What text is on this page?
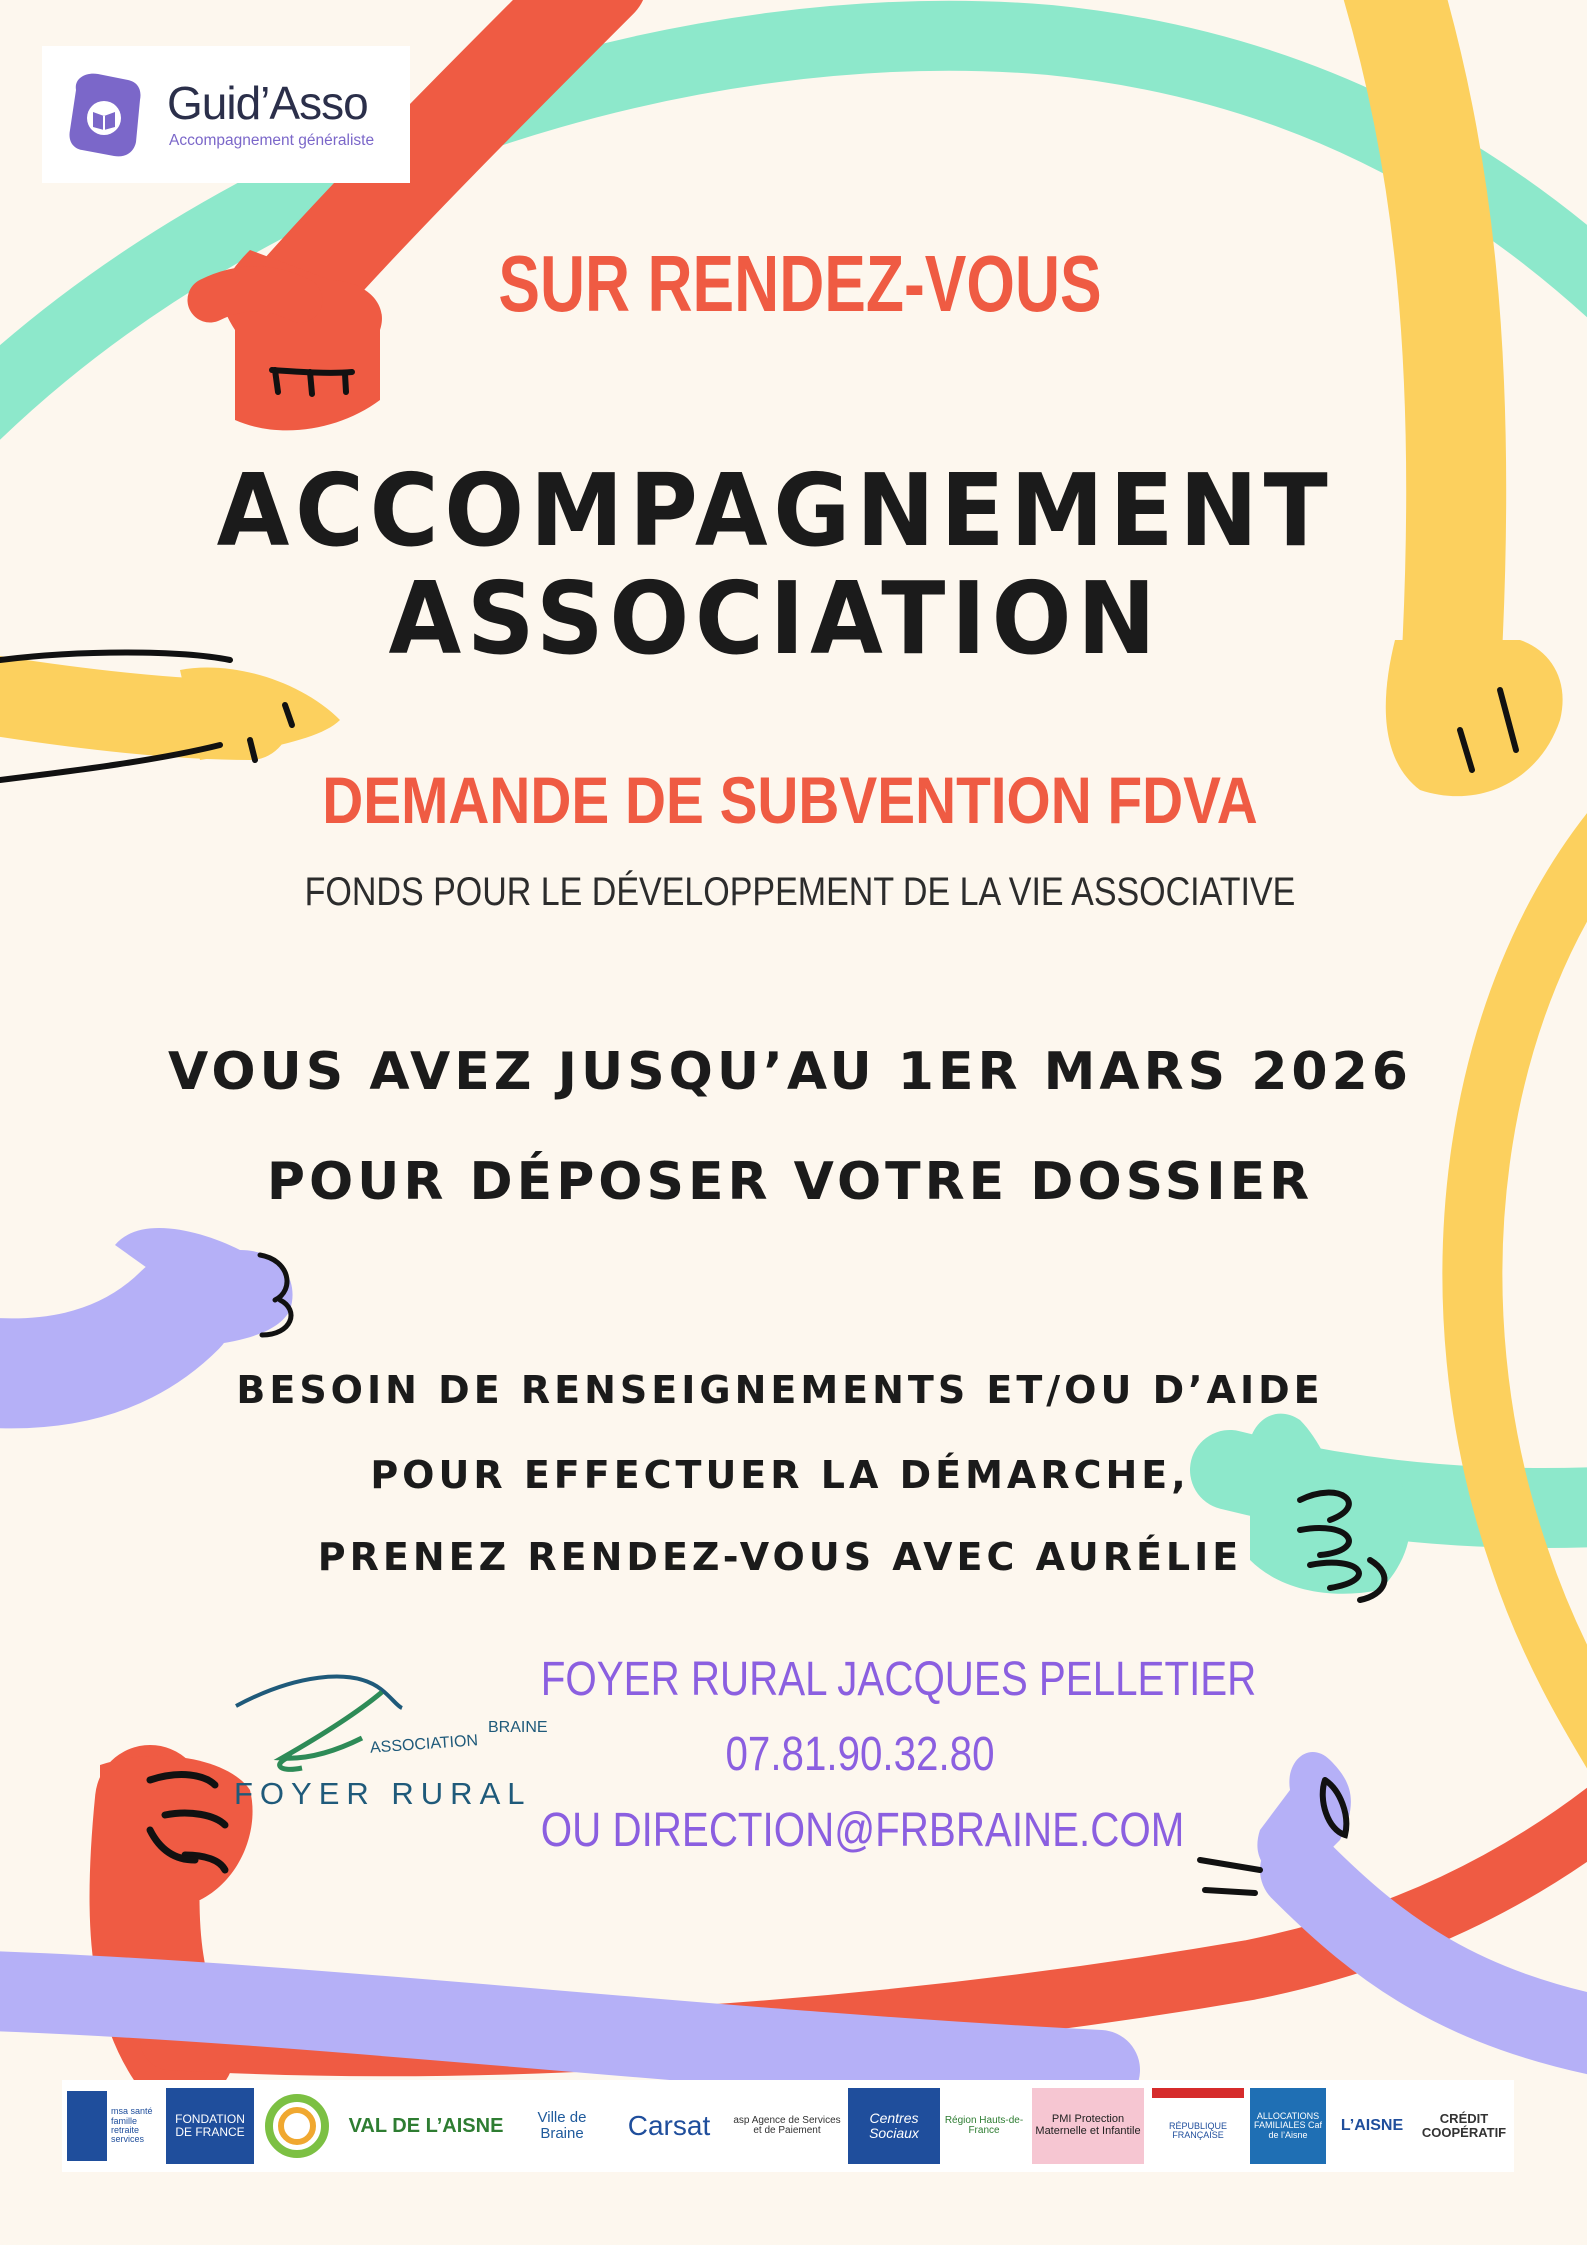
Guid’Asso
Accompagnement généraliste
SUR RENDEZ-VOUS
ACCOMPAGNEMENT
ASSOCIATION
DEMANDE DE SUBVENTION FDVA
FONDS POUR LE DÉVELOPPEMENT DE LA VIE ASSOCIATIVE
VOUS AVEZ JUSQU’AU 1ER MARS 2026
POUR DÉPOSER VOTRE DOSSIER
BESOIN DE RENSEIGNEMENTS ET/OU D’AIDE
POUR EFFECTUER LA DÉMARCHE,
PRENEZ RENDEZ-VOUS AVEC AURÉLIE
ASSOCIATION
BRAINE
FOYER RURAL
FOYER RURAL JACQUES PELLETIER
07.81.90.32.80
OU DIRECTION@FRBRAINE.COM
msa santé famille retraite services
FONDATION DE FRANCE	VAL DE L’AISNE	Ville de Braine	Carsat	asp Agence de Services et de Paiement
Centres Sociaux
Région Hauts-de-France
PMI Protection Maternelle et Infantile	RÉPUBLIQUE FRANÇAISE
ALLOCATIONS FAMILIALES Caf de l’Aisne
L’AISNE	CRÉDIT COOPÉRATIF
